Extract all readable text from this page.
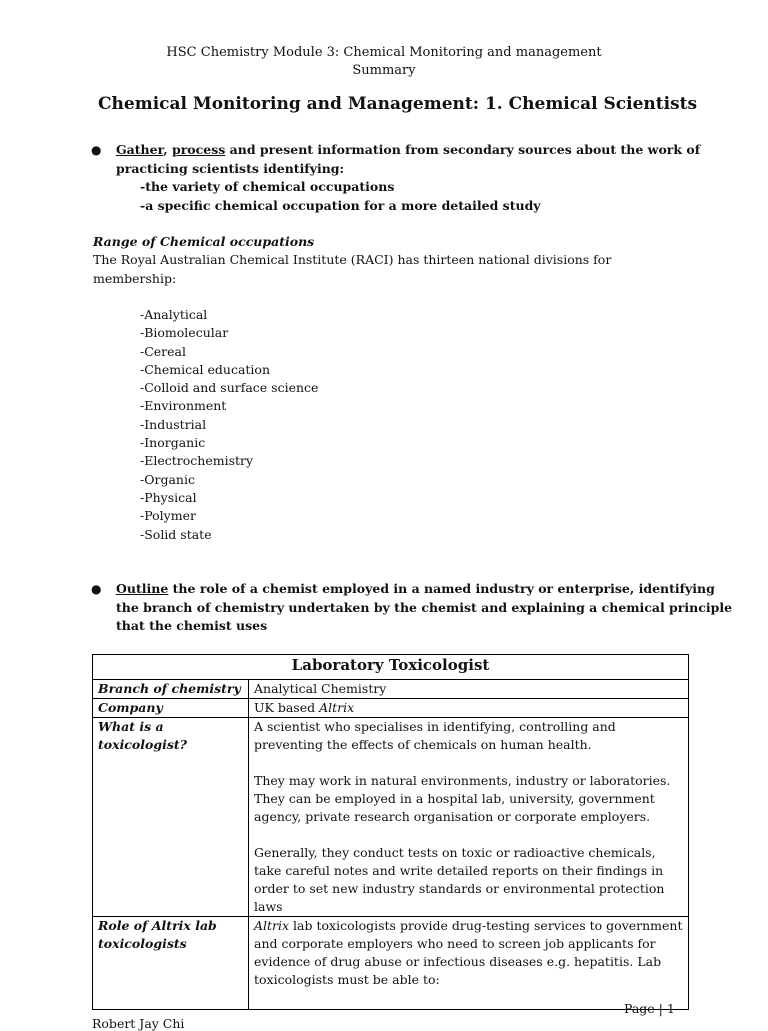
HSC Chemistry Module 3: Chemical Monitoring and management
Summary
Chemical Monitoring and Management: 1. Chemical Scientists
● Gather, process and present information from secondary sources about the work of practicing scientists identifying:
-the variety of chemical occupations
-a specific chemical occupation for a more detailed study
Range of Chemical occupations
The Royal Australian Chemical Institute (RACI) has thirteen national divisions for membership:
-Analytical
-Biomolecular
-Cereal
-Chemical education
-Colloid and surface science
-Environment
-Industrial
-Inorganic
-Electrochemistry
-Organic
-Physical
-Polymer
-Solid state
● Outline the role of a chemist employed in a named industry or enterprise, identifying the branch of chemistry undertaken by the chemist and explaining a chemical principle that the chemist uses
Laboratory Toxicologist	
Branch of chemistry	Analytical Chemistry
Company	UK based Altrix
What is a toxicologist?	A scientist who specialises in identifying, controlling and preventing the effects of chemicals on human health.

They may work in natural environments, industry or laboratories. They can be employed in a hospital lab, university, government agency, private research organisation or corporate employers.

Generally, they conduct tests on toxic or radioactive chemicals, take careful notes and write detailed reports on their findings in order to set new industry standards or environmental protection laws

Role of Altrix lab toxicologists	Altrix lab toxicologists provide drug-testing services to government and corporate employers who need to screen job applicants for evidence of drug abuse or infectious diseases e.g. hepatitis. Lab toxicologists must be able to:
Page | 1
Robert Jay Chi
